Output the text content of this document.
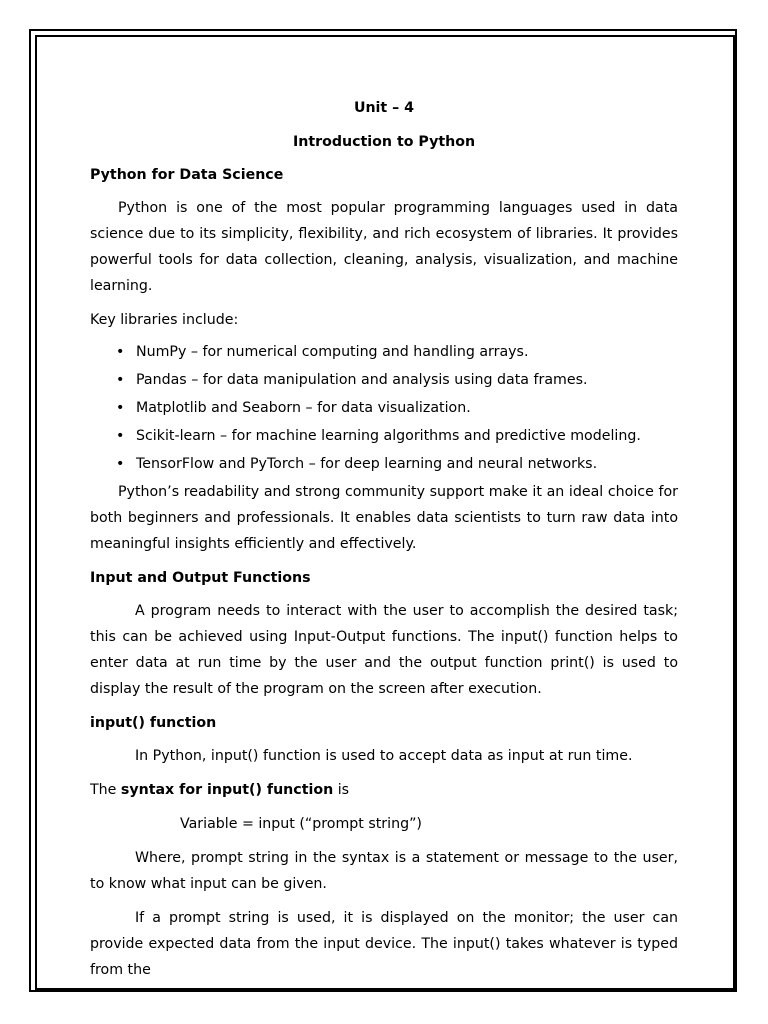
Unit – 4

Introduction to Python

Python for Data Science

Python is one of the most popular programming languages used in data science due to its simplicity, flexibility, and rich ecosystem of libraries. It provides powerful tools for data collection, cleaning, analysis, visualization, and machine learning.

Key libraries include:

• NumPy – for numerical computing and handling arrays.
• Pandas – for data manipulation and analysis using data frames.
• Matplotlib and Seaborn – for data visualization.
• Scikit-learn – for machine learning algorithms and predictive modeling.
• TensorFlow and PyTorch – for deep learning and neural networks.

Python’s readability and strong community support make it an ideal choice for both beginners and professionals. It enables data scientists to turn raw data into meaningful insights efficiently and effectively.

Input and Output Functions

A program needs to interact with the user to accomplish the desired task; this can be achieved using Input-Output functions. The input() function helps to enter data at run time by the user and the output function print() is used to display the result of the program on the screen after execution.

input() function

In Python, input() function is used to accept data as input at run time.

The syntax for input() function is

Variable = input (“prompt string”)

Where, prompt string in the syntax is a statement or message to the user, to know what input can be given.

If a prompt string is used, it is displayed on the monitor; the user can provide expected data from the input device. The input() takes whatever is typed from the
